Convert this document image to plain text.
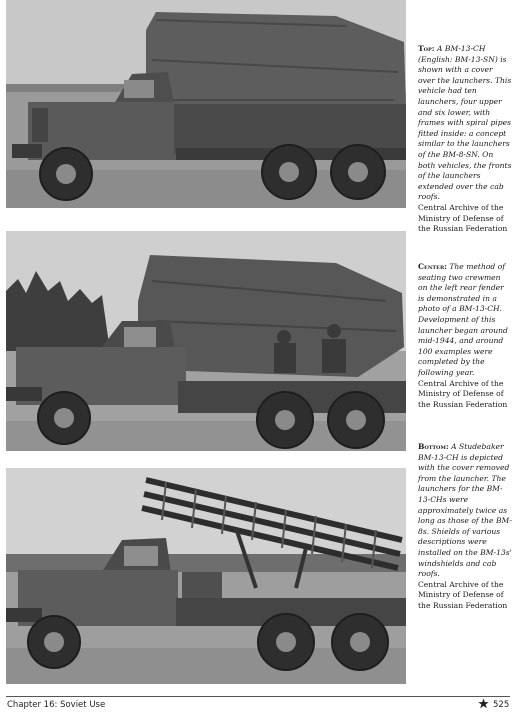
Top: A BM-13-CH (English: BM-13-SN) is shown with a cover over the launchers. This vehicle had ten launchers, four upper and six lower, with frames with spiral pipes fitted inside: a concept similar to the launchers of the BM-8-SN. On both vehicles, the fronts of the launchers extended over the cab roofs.
Central Archive of the Ministry of Defense of the Russian Federation

Center: The method of seating two crewmen on the left rear fender is demonstrated in a photo of a BM-13-CH. Development of this launcher began around mid-1944, and around 100 examples were completed by the following year.
Central Archive of the Ministry of Defense of the Russian Federation

Bottom: A Studebaker BM-13-CH is depicted with the cover removed from the launcher. The launchers for the BM-13-CHs were approximately twice as long as those of the BM-8s. Shields of various descriptions were installed on the BM-13s' windshields and cab roofs.
Central Archive of the Ministry of Defense of the Russian Federation

Chapter 16: Soviet Use	525
